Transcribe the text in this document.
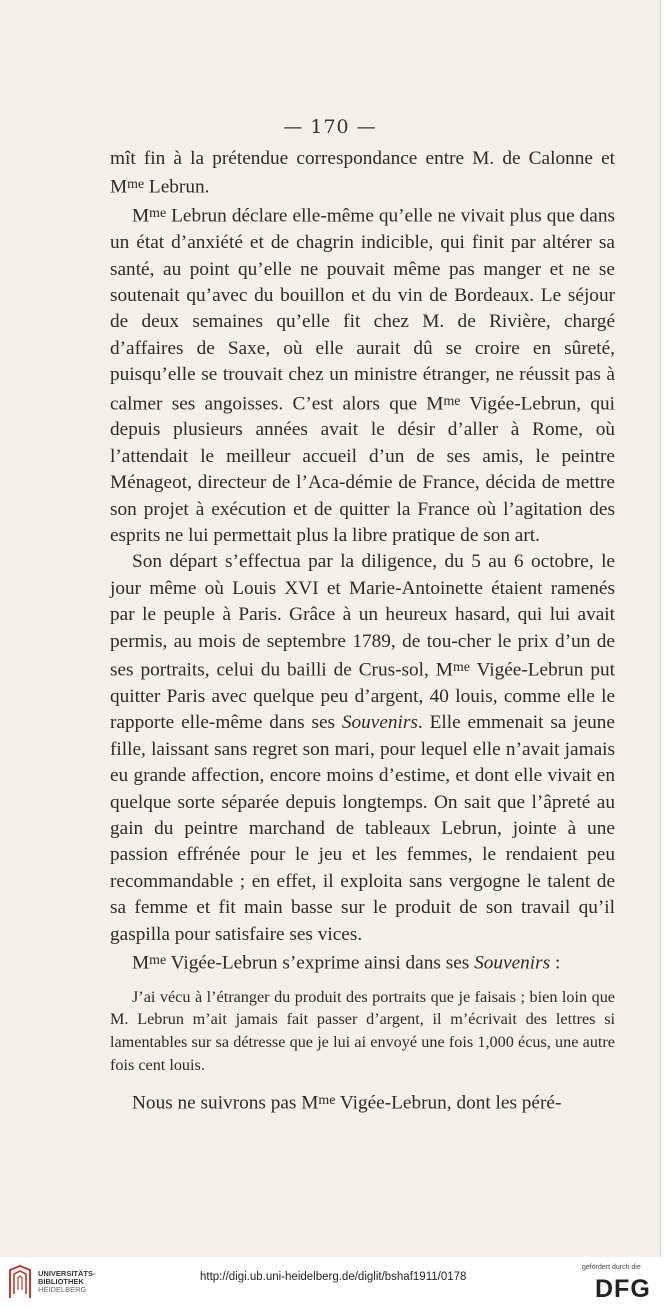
— 170 —

mît fin à la prétendue correspondance entre M. de Calonne et $M^{me}$ Lebrun.

$M^{me}$ Lebrun déclare elle-même qu’elle ne vivait plus que dans un état d’anxiété et de chagrin indicible, qui finit par altérer sa santé, au point qu’elle ne pouvait même pas manger et ne se soutenait qu’avec du bouillon et du vin de Bordeaux. Le séjour de deux semaines qu’elle fit chez M. de Rivière, chargé d’affaires de Saxe, où elle aurait dû se croire en sûreté, puisqu’elle se trouvait chez un ministre étranger, ne réussit pas à calmer ses angoisses. C’est alors que $M^{me}$ Vigée-Lebrun, qui depuis plusieurs années avait le désir d’aller à Rome, où l’attendait le meilleur accueil d’un de ses amis, le peintre Ménageot, directeur de l’Aca-démie de France, décida de mettre son projet à exécution et de quitter la France où l’agitation des esprits ne lui permettait plus la libre pratique de son art.

Son départ s’effectua par la diligence, du 5 au 6 octobre, le jour même où Louis XVI et Marie-Antoinette étaient ramenés par le peuple à Paris. Grâce à un heureux hasard, qui lui avait permis, au mois de septembre 1789, de tou-cher le prix d’un de ses portraits, celui du bailli de Crus-sol, $M^{me}$ Vigée-Lebrun put quitter Paris avec quelque peu d’argent, 40 louis, comme elle le rapporte elle-même dans ses Souvenirs. Elle emmenait sa jeune fille, laissant sans regret son mari, pour lequel elle n’avait jamais eu grande affection, encore moins d’estime, et dont elle vivait en quelque sorte séparée depuis longtemps. On sait que l’âpreté au gain du peintre marchand de tableaux Lebrun, jointe à une passion effrénée pour le jeu et les femmes, le rendaient peu recommandable ; en effet, il exploita sans vergogne le talent de sa femme et fit main basse sur le produit de son travail qu’il gaspilla pour satisfaire ses vices.

$M^{me}$ Vigée-Lebrun s’exprime ainsi dans ses Souvenirs :

J’ai vécu à l’étranger du produit des portraits que je faisais ; bien loin que M. Lebrun m’ait jamais fait passer d’argent, il m’écrivait des lettres si lamentables sur sa détresse que je lui ai envoyé une fois 1,000 écus, une autre fois cent louis.

Nous ne suivrons pas $M^{me}$ Vigée-Lebrun, dont les péré-

UNIVERSITÄTS-
BIBLIOTHEK
HEIDELBERG
http://digi.ub.uni-heidelberg.de/diglit/bshaf1911/0178
gefördert durch die
DFG
